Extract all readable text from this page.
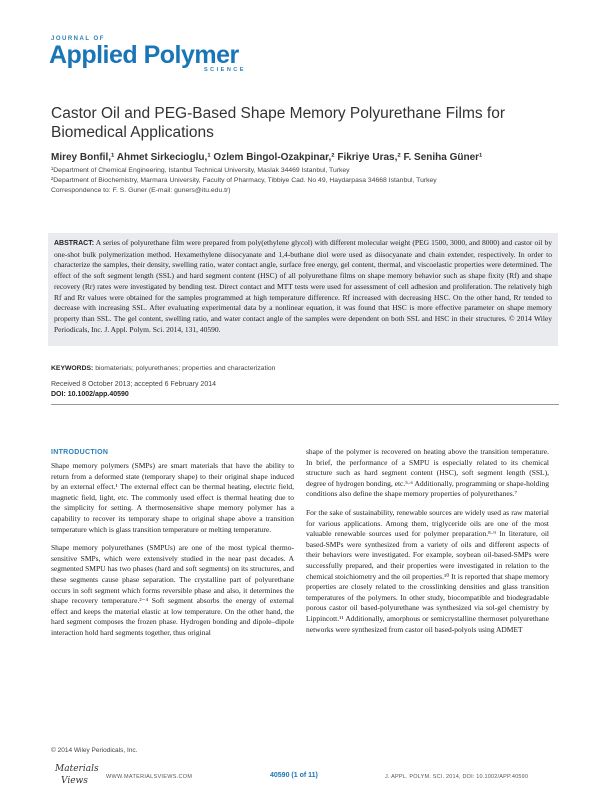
JOURNAL OF
Applied Polymer
SCIENCE
Castor Oil and PEG-Based Shape Memory Polyurethane Films for Biomedical Applications
Mirey Bonfil,¹ Ahmet Sirkecioglu,¹ Ozlem Bingol-Ozakpinar,² Fikriye Uras,² F. Seniha Güner¹
¹Department of Chemical Engineering, Istanbul Technical University, Maslak 34469 Istanbul, Turkey
²Department of Biochemistry, Marmara University, Faculty of Pharmacy, Tibbiye Cad. No 49, Haydarpasa 34668 Istanbul, Turkey
Correspondence to: F. S. Guner (E-mail: guners@itu.edu.tr)
ABSTRACT: A series of polyurethane film were prepared from poly(ethylene glycol) with different molecular weight (PEG 1500, 3000, and 8000) and castor oil by one-shot bulk polymerization method. Hexamethylene diisocyanate and 1,4-buthane diol were used as diisocyanate and chain extender, respectively. In order to characterize the samples, their density, swelling ratio, water contact angle, surface free energy, gel content, thermal, and viscoelastic properties were determined. The effect of the soft segment length (SSL) and hard segment content (HSC) of all polyurethane films on shape memory behavior such as shape fixity (Rf) and shape recovery (Rr) rates were investigated by bending test. Direct contact and MTT tests were used for assessment of cell adhesion and proliferation. The relatively high Rf and Rr values were obtained for the samples programmed at high temperature difference. Rf increased with decreasing HSC. On the other hand, Rr tended to decrease with increasing SSL. After evaluating experimental data by a nonlinear equation, it was found that HSC is more effective parameter on shape memory property than SSL. The gel content, swelling ratio, and water contact angle of the samples were dependent on both SSL and HSC in their structures. © 2014 Wiley Periodicals, Inc. J. Appl. Polym. Sci. 2014, 131, 40590.
KEYWORDS: biomaterials; polyurethanes; properties and characterization
Received 8 October 2013; accepted 6 February 2014
DOI: 10.1002/app.40590
INTRODUCTION

Shape memory polymers (SMPs) are smart materials that have the ability to return from a deformed state (temporary shape) to their original shape induced by an external effect.¹ The external effect can be thermal heating, electric field, magnetic field, light, etc. The commonly used effect is thermal heating due to the simplicity for setting. A thermosensitive shape memory polymer has a capability to recover its temporary shape to original shape above a transition temperature which is glass transition temperature or melting temperature.

Shape memory polyurethanes (SMPUs) are one of the most typical thermo-sensitive SMPs, which were extensively studied in the near past decades. A segmented SMPU has two phases (hard and soft segments) on its structures, and these segments cause phase separation. The crystalline part of polyurethane occurs in soft segment which forms reversible phase and also, it determines the shape recovery temperature.²⁻⁴ Soft segment absorbs the energy of external effect and keeps the material elastic at low temperature. On the other hand, the hard segment composes the frozen phase. Hydrogen bonding and dipole–dipole interaction hold hard segments together, thus original

shape of the polymer is recovered on heating above the transition temperature. In brief, the performance of a SMPU is especially related to its chemical structure such as hard segment content (HSC), soft segment length (SSL), degree of hydrogen bonding, etc.⁵·⁶ Additionally, programming or shape-holding conditions also define the shape memory properties of polyurethanes.⁷

For the sake of sustainability, renewable sources are widely used as raw material for various applications. Among them, triglyceride oils are one of the most valuable renewable sources used for polymer preparation.⁸·⁹ In literature, oil based-SMPs were synthesized from a variety of oils and different aspects of their behaviors were investigated. For example, soybean oil-based-SMPs were successfully prepared, and their properties were investigated in relation to the chemical stoichiometry and the oil properties.¹⁰ It is reported that shape memory properties are closely related to the crosslinking densities and glass transition temperatures of the polymers. In other study, biocompatible and biodegradable porous castor oil based-polyurethane was synthesized via sol-gel chemistry by Lippincott.¹¹ Additionally, amorphous or semicrystalline thermoset polyurethane networks were synthesized from castor oil based-polyols using ADMET

© 2014 Wiley Periodicals, Inc.
Materials
Views	WWW.MATERIALSVIEWS.COM	40590 (1 of 11)	J. APPL. POLYM. SCI. 2014, DOI: 10.1002/APP.40590
